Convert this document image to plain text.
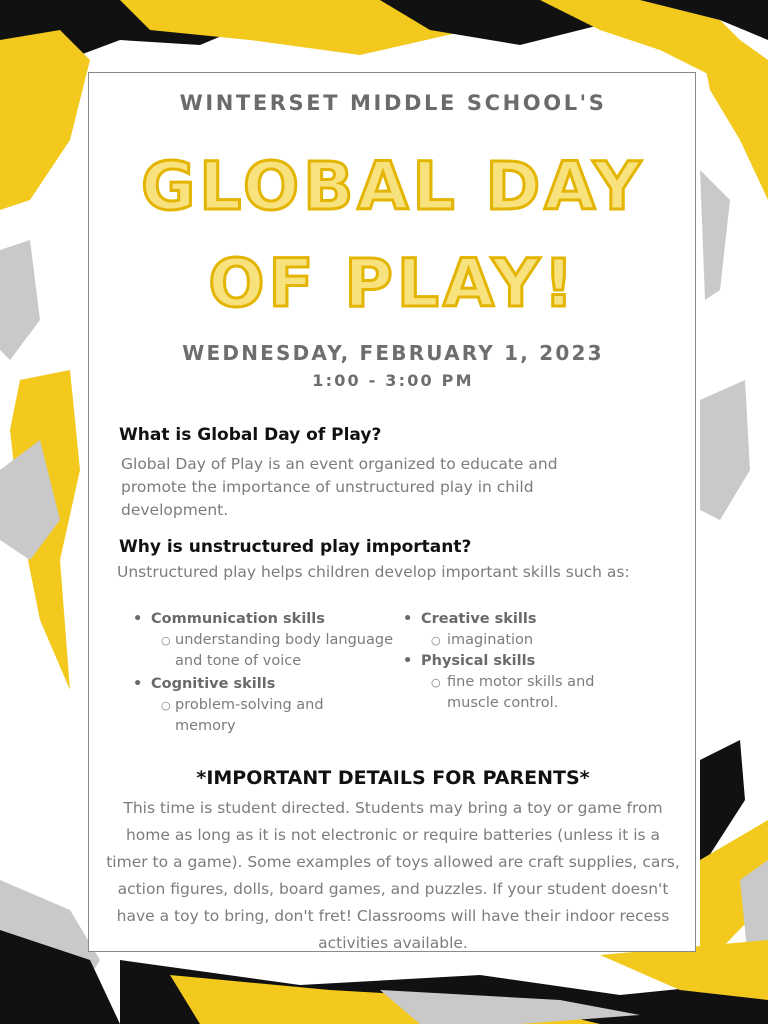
WINTERSET MIDDLE SCHOOL'S
GLOBAL DAY
OF PLAY!
WEDNESDAY, FEBRUARY 1, 2023
1:00 - 3:00 PM
What is Global Day of Play?
Global Day of Play is an event organized to educate and promote the importance of unstructured play in child development.
Why is unstructured play important?
Unstructured play helps children develop important skills such as:
• Communication skills
○ understanding body language and tone of voice
• Cognitive skills
○ problem-solving and memory
• Creative skills
○ imagination
• Physical skills
○ fine motor skills and muscle control.
*IMPORTANT DETAILS FOR PARENTS*
This time is student directed. Students may bring a toy or game from home as long as it is not electronic or require batteries (unless it is a timer to a game). Some examples of toys allowed are craft supplies, cars, action figures, dolls, board games, and puzzles. If your student doesn't have a toy to bring, don't fret! Classrooms will have their indoor recess activities available.
